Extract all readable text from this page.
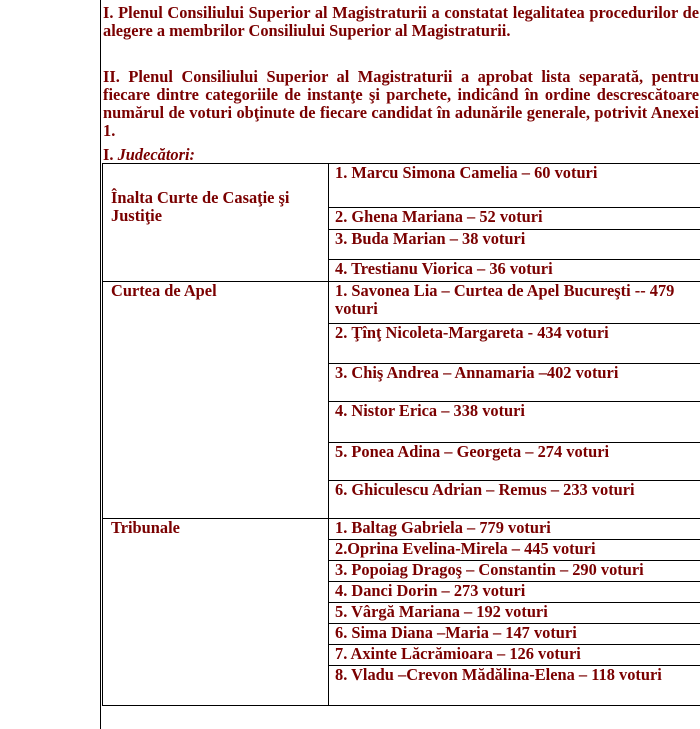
I. Plenul Consiliului Superior al Magistraturii a constatat legalitatea procedurilor de alegere a membrilor Consiliului Superior al Magistraturii.

II. Plenul Consiliului Superior al Magistraturii a aprobat lista separată, pentru fiecare dintre categoriile de instanţe şi parchete, indicând în ordine descrescătoare numărul de voturi obţinute de fiecare candidat în adunările generale, potrivit Anexei 1.

I. Judecători:

Înalta Curte de Casaţie şi Justiţie	1. Marcu Simona Camelia – 60 voturi
	2. Ghena Mariana – 52 voturi
	3. Buda Marian – 38 voturi
	4. Trestianu Viorica – 36 voturi

Curtea de Apel	1. Savonea Lia – Curtea de Apel Bucureşti -- 479 voturi
	2. Ţînţ Nicoleta-Margareta - 434 voturi
	3. Chiş Andrea – Annamaria –402 voturi
	4. Nistor Erica – 338 voturi
	5. Ponea Adina – Georgeta – 274 voturi
	6. Ghiculescu Adrian – Remus – 233 voturi

Tribunale	1. Baltag Gabriela – 779 voturi
	2.Oprina Evelina-Mirela – 445 voturi
	3. Popoiag Dragoş – Constantin – 290 voturi
	4. Danci Dorin – 273 voturi
	5. Vârgă Mariana – 192 voturi
	6. Sima Diana –Maria – 147 voturi
	7. Axinte Lăcrămioara – 126 voturi
	8. Vladu –Crevon Mădălina-Elena – 118 voturi
